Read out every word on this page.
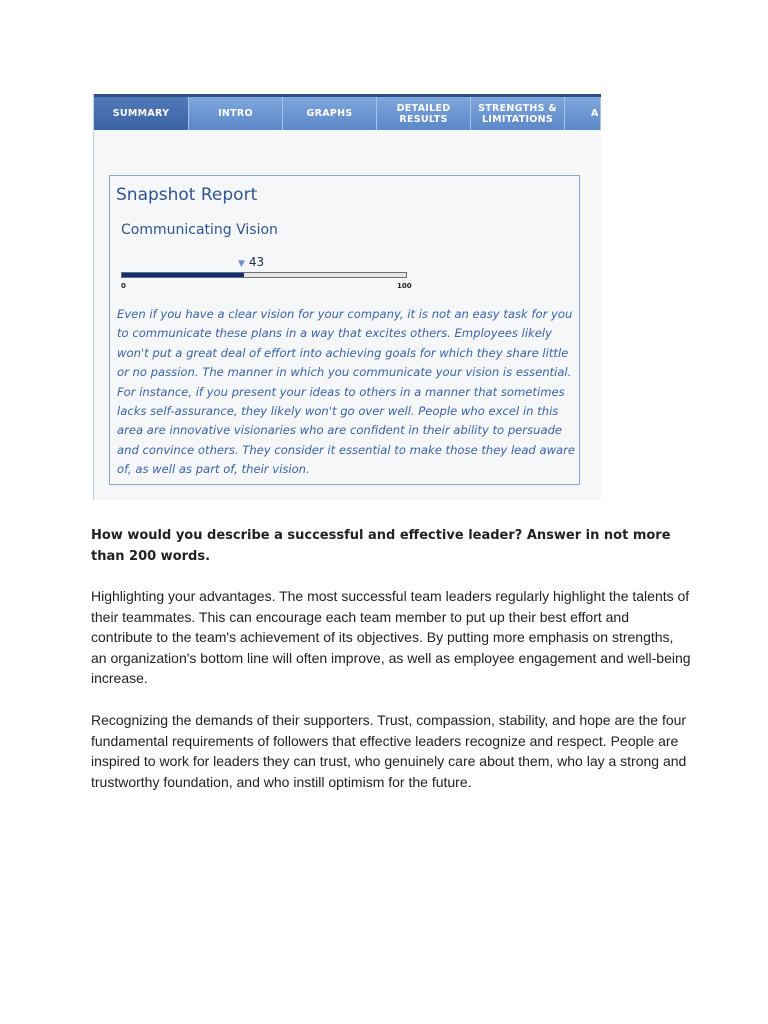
SUMMARY	INTRO	GRAPHS	DETAILED
RESULTS
STRENGTHS &
LIMITATIONS	A
Snapshot Report
Communicating Vision
▼ 43
0	100

Even if you have a clear vision for your company, it is not an easy task for you to communicate these plans in a way that excites others. Employees likely won't put a great deal of effort into achieving goals for which they share little or no passion. The manner in which you communicate your vision is essential. For instance, if you present your ideas to others in a manner that sometimes lacks self-assurance, they likely won't go over well. People who excel in this area are innovative visionaries who are confident in their ability to persuade and convince others. They consider it essential to make those they lead aware of, as well as part of, their vision.

How would you describe a successful and effective leader? Answer in not more than 200 words.

Highlighting your advantages. The most successful team leaders regularly highlight the talents of their teammates. This can encourage each team member to put up their best effort and contribute to the team's achievement of its objectives. By putting more emphasis on strengths, an organization's bottom line will often improve, as well as employee engagement and well-being increase.

Recognizing the demands of their supporters. Trust, compassion, stability, and hope are the four fundamental requirements of followers that effective leaders recognize and respect. People are inspired to work for leaders they can trust, who genuinely care about them, who lay a strong and trustworthy foundation, and who instill optimism for the future.
